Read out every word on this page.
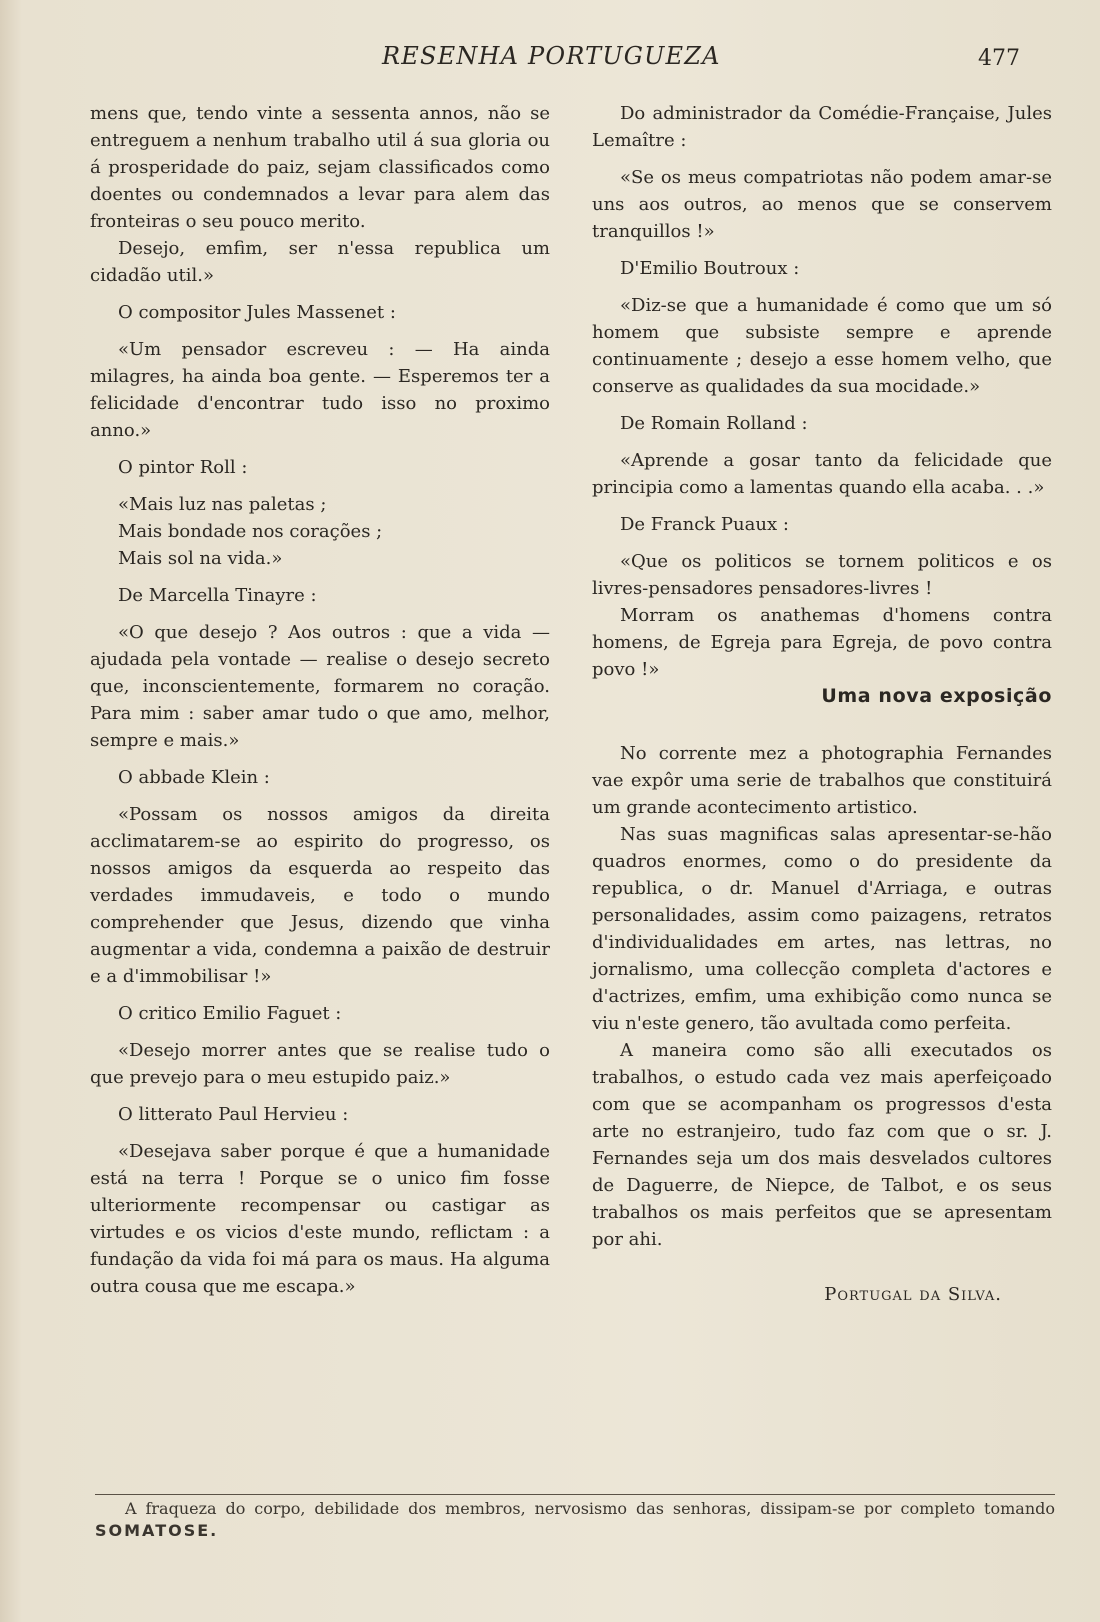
RESENHA PORTUGUEZA	477

mens que, tendo vinte a sessenta annos, não se entreguem a nenhum trabalho util á sua gloria ou á prosperidade do paiz, sejam classificados como doentes ou condemnados a levar para alem das fronteiras o seu pouco merito.

Desejo, emfim, ser n'essa republica um cidadão util.»

O compositor Jules Massenet :

«Um pensador escreveu : — Ha ainda milagres, ha ainda boa gente. — Esperemos ter a felicidade d'encontrar tudo isso no proximo anno.»

O pintor Roll :

«Mais luz nas paletas ;

Mais bondade nos corações ;

Mais sol na vida.»

De Marcella Tinayre :

«O que desejo ? Aos outros : que a vida — ajudada pela vontade — realise o desejo secreto que, inconscientemente, formarem no coração. Para mim : saber amar tudo o que amo, melhor, sempre e mais.»

O abbade Klein :

«Possam os nossos amigos da direita acclimatarem-se ao espirito do progresso, os nossos amigos da esquerda ao respeito das verdades immudaveis, e todo o mundo comprehender que Jesus, dizendo que vinha augmentar a vida, condemna a paixão de destruir e a d'immobilisar !»

O critico Emilio Faguet :

«Desejo morrer antes que se realise tudo o que prevejo para o meu estupido paiz.»

O litterato Paul Hervieu :

«Desejava saber porque é que a humanidade está na terra ! Porque se o unico fim fosse ulteriormente recompensar ou castigar as virtudes e os vicios d'este mundo, reflictam : a fundação da vida foi má para os maus. Ha alguma outra cousa que me escapa.»

Do administrador da Comédie-Française, Jules Lemaître :

«Se os meus compatriotas não podem amar-se uns aos outros, ao menos que se conservem tranquillos !»

D'Emilio Boutroux :

«Diz-se que a humanidade é como que um só homem que subsiste sempre e aprende continuamente ; desejo a esse homem velho, que conserve as qualidades da sua mocidade.»

De Romain Rolland :

«Aprende a gosar tanto da felicidade que principia como a lamentas quando ella acaba. . .»

De Franck Puaux :

«Que os politicos se tornem politicos e os livres-pensadores pensadores-livres !

Morram os anathemas d'homens contra homens, de Egreja para Egreja, de povo contra povo !»

Uma nova exposição

No corrente mez a photographia Fernandes vae expôr uma serie de trabalhos que constituirá um grande acontecimento artistico.

Nas suas magnificas salas apresentar-se-hão quadros enormes, como o do presidente da republica, o dr. Manuel d'Arriaga, e outras personalidades, assim como paizagens, retratos d'individualidades em artes, nas lettras, no jornalismo, uma collecção completa d'actores e d'actrizes, emfim, uma exhibição como nunca se viu n'este genero, tão avultada como perfeita.

A maneira como são alli executados os trabalhos, o estudo cada vez mais aperfeiçoado com que se acompanham os progressos d'esta arte no estranjeiro, tudo faz com que o sr. J. Fernandes seja um dos mais desvelados cultores de Daguerre, de Niepce, de Talbot, e os seus trabalhos os mais perfeitos que se apresentam por ahi.

Portugal da Silva.
A fraqueza do corpo, debilidade dos membros, nervosismo das senhoras, dissipam-se por completo tomando SOMATOSE.
